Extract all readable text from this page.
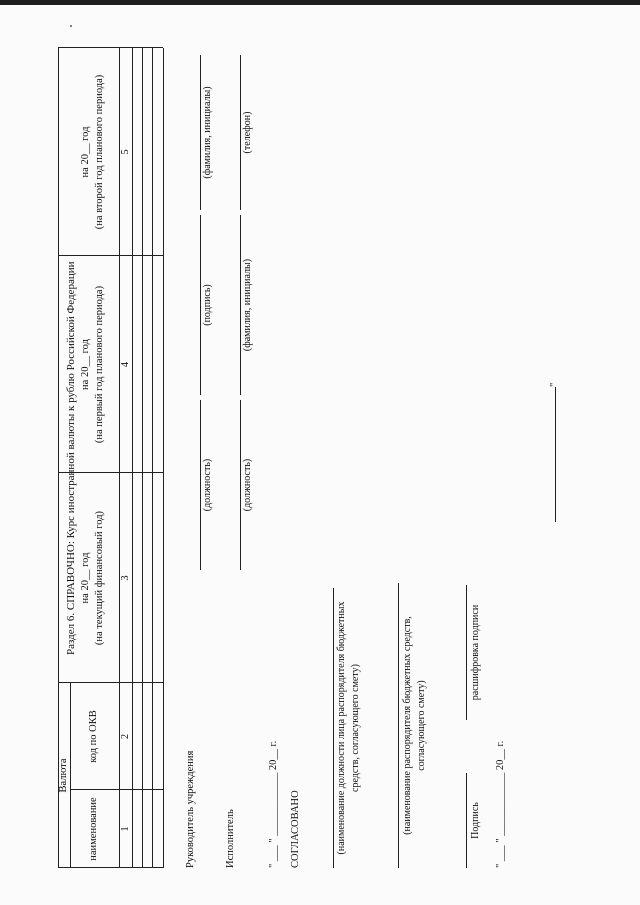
Раздел 6. СПРАВОЧНО: Курс иностранной валюты к рублю Российской Федерации
Валюта
наименование
код по ОКВ
на 20__ год (на текущий финансовый год)
на 20__ год (на первый год планового периода)
на 20__ год (на второй год планового периода)
1
2
3
4
5
Руководитель учреждения
(должность)
(подпись)
(фамилия, инициалы)
Исполнитель
(должность)
(фамилия, инициалы)
(телефон)
" ___ " ____________ 20__ г. СОГЛАСОВАНО	(наименование должности лица распорядителя бюджетных средств, согласующего смету)	(наименование распорядителя бюджетных средств, согласующего смету)
Подпись
расшифровка подписи
" ___ " ____________ 20__ г.
"
